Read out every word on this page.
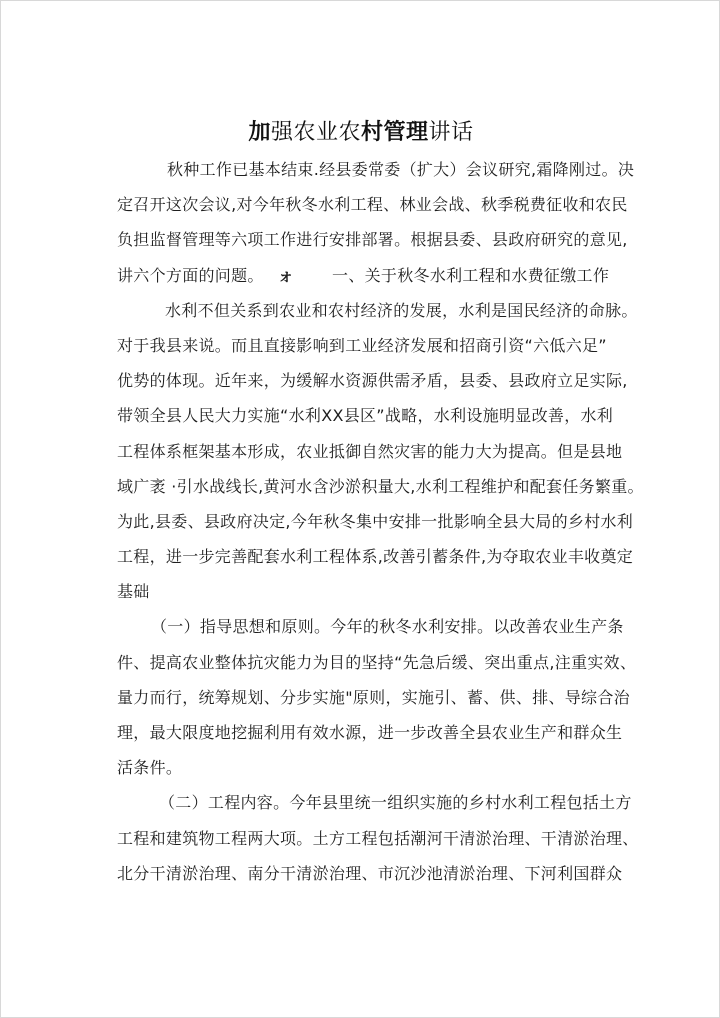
加强农业农村管理讲话
秋种工作已基本结束.经县委常委（扩大）会议研究,霜降刚过。决
定召开这次会议,对今年秋冬水利工程、林业会战、秋季税费征收和农民
负担监督管理等六项工作进行安排部署。根据县委、县政府研究的意见,
讲六个方面的问题。 ォ 一、关于秋冬水利工程和水费征缴工作
水利不但关系到农业和农村经济的发展，水利是国民经济的命脉。
对于我县来说。而且直接影响到工业经济发展和招商引资“六低六足”
优势的体现。近年来，为缓解水资源供需矛盾，县委、县政府立足实际,
带领全县人民大力实施“水利XX县区”战略，水利设施明显改善，水利
工程体系框架基本形成，农业抵御自然灾害的能力大为提高。但是县地
域广袤 ·引水战线长,黄河水含沙淤积量大,水利工程维护和配套任务繁重。
为此,县委、县政府决定,今年秋冬集中安排一批影响全县大局的乡村水利
工程，进一步完善配套水利工程体系,改善引蓄条件,为夺取农业丰收奠定
基础
（一）指导思想和原则。今年的秋冬水利安排。以改善农业生产条
件、提高农业整体抗灾能力为目的坚持“先急后缓、突出重点,注重实效、
量力而行，统筹规划、分步实施"原则，实施引、蓄、供、排、导综合治
理，最大限度地挖掘利用有效水源，进一步改善全县农业生产和群众生
活条件。
（二）工程内容。今年县里统一组织实施的乡村水利工程包括土方
工程和建筑物工程两大项。土方工程包括潮河干清淤治理、干清淤治理、
北分干清淤治理、南分干清淤治理、市沉沙池清淤治理、下河利国群众
